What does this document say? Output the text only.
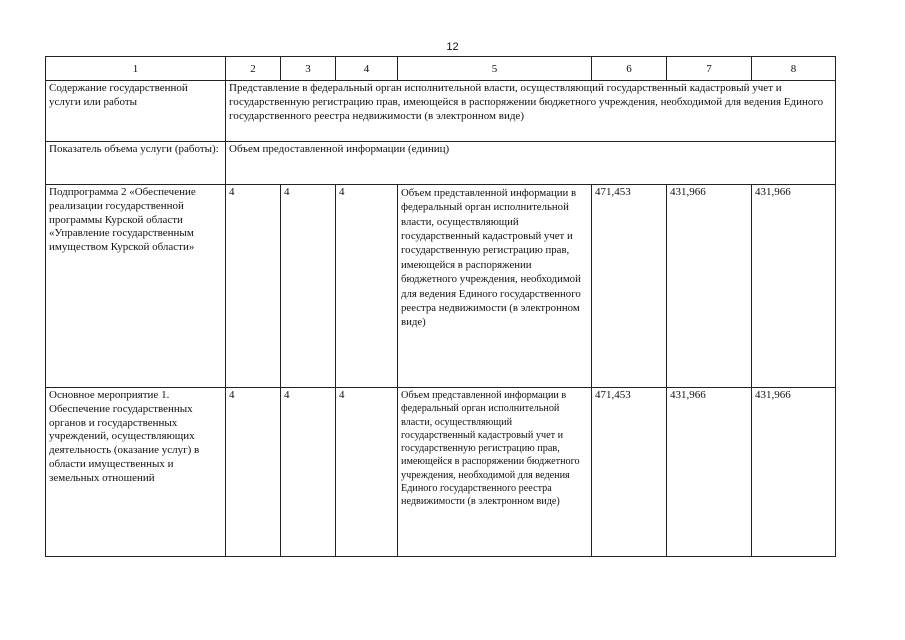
12
1	2	3	4	5	6	7	8
Содержание государственной услуги или работы	Представление в федеральный орган исполнительной власти, осуществляющий государственный кадастровый учет и государственную регистрацию прав, имеющейся в распоряжении бюджетного учреждения, необходимой для ведения Единого государственного реестра недвижимости (в электронном виде)						
Показатель объема услуги (работы):	Объем предоставленной информации (единиц)						
Подпрограмма 2 «Обеспечение реализации государственной программы Курской области «Управление государственным имуществом Курской области»	4	4	4	Объем представленной информации в федеральный орган исполнительной власти, осуществляющий государственный кадастровый учет и государственную регистрацию прав, имеющейся в распоряжении бюджетного учреждения, необходимой для ведения Единого государственного реестра недвижимости (в электронном виде)	471,453	431,966	431,966
Основное мероприятие 1. Обеспечение государственных органов и государственных учреждений, осуществляющих деятельность (оказание услуг) в области имущественных и земельных отношений	4	4	4	Объем представленной информации в федеральный орган исполнительной власти, осуществляющий государственный кадастровый учет и государственную регистрацию прав, имеющейся в распоряжении бюджетного учреждения, необходимой для ведения Единого государственного реестра недвижимости (в электронном виде)	471,453	431,966	431,966
